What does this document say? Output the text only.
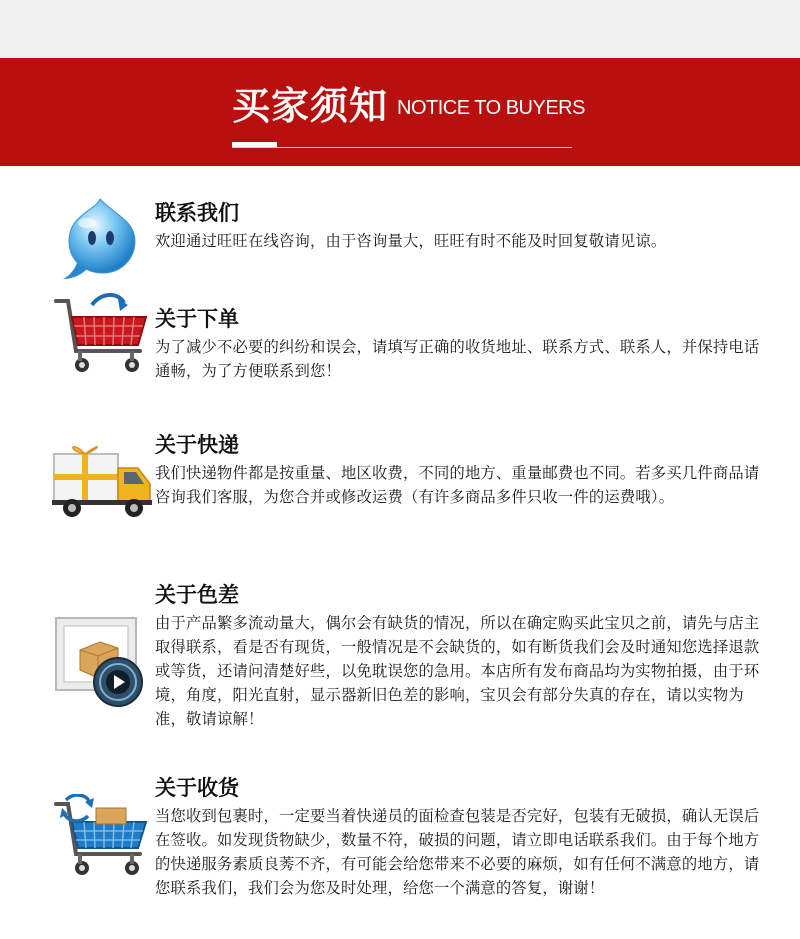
买家须知 NOTICE TO BUYERS
联系我们

欢迎通过旺旺在线咨询，由于咨询量大，旺旺有时不能及时回复敬请见谅。

关于下单

为了减少不必要的纠纷和误会，请填写正确的收货地址、联系方式、联系人，并保持电话通畅，为了方便联系到您！

关于快递

我们快递物件都是按重量、地区收费，不同的地方、重量邮费也不同。若多买几件商品请咨询我们客服，为您合并或修改运费（有许多商品多件只收一件的运费哦）。

关于色差

由于产品繁多流动量大，偶尔会有缺货的情况，所以在确定购买此宝贝之前，请先与店主取得联系，看是否有现货，一般情况是不会缺货的，如有断货我们会及时通知您选择退款或等货，还请问清楚好些，以免耽误您的急用。本店所有发布商品均为实物拍摄，由于环境，角度，阳光直射，显示器新旧色差的影响，宝贝会有部分失真的存在，请以实物为准，敬请谅解！

关于收货

当您收到包裹时，一定要当着快递员的面检查包装是否完好，包装有无破损，确认无误后在签收。如发现货物缺少，数量不符，破损的问题，请立即电话联系我们。由于每个地方的快递服务素质良莠不齐，有可能会给您带来不必要的麻烦，如有任何不满意的地方，请您联系我们，我们会为您及时处理，给您一个满意的答复，谢谢！
